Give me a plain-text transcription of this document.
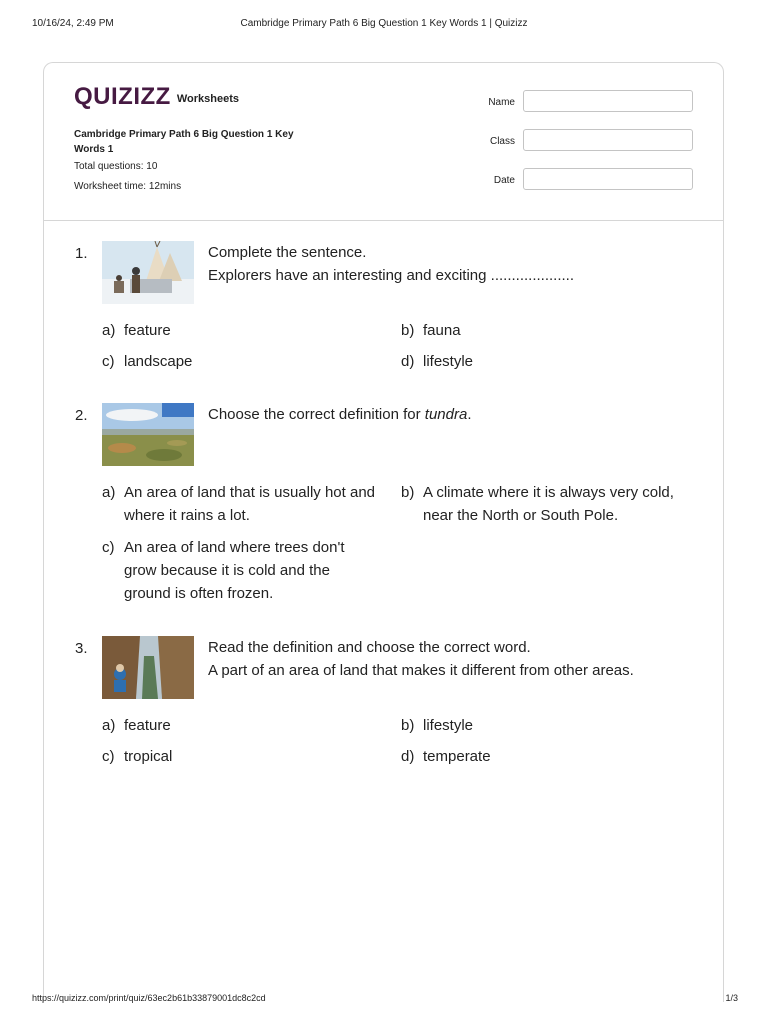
Cambridge Primary Path 6 Big Question 1 Key Words 1 | Quizizz
10/16/24, 2:49 PM
QUIZIZZ Worksheets
Cambridge Primary Path 6 Big Question 1 Key Words 1
Total questions: 10
Worksheet time: 12mins
Name
Class
Date
1.	Complete the sentence.
Explorers have an interesting and exciting ....................
a) feature	b) fauna
c) landscape	d) lifestyle
2.	Choose the correct definition for tundra.
a) An area of land that is usually hot and where it rains a lot.
b) A climate where it is always very cold, near the North or South Pole.
c) An area of land where trees don't grow because it is cold and the ground is often frozen.
3.	Read the definition and choose the correct word.
A part of an area of land that makes it different from other areas.
a) feature	b) lifestyle
c) tropical	d) temperate
https://quizizz.com/print/quiz/63ec2b61b33879001dc8c2cd	1/3
